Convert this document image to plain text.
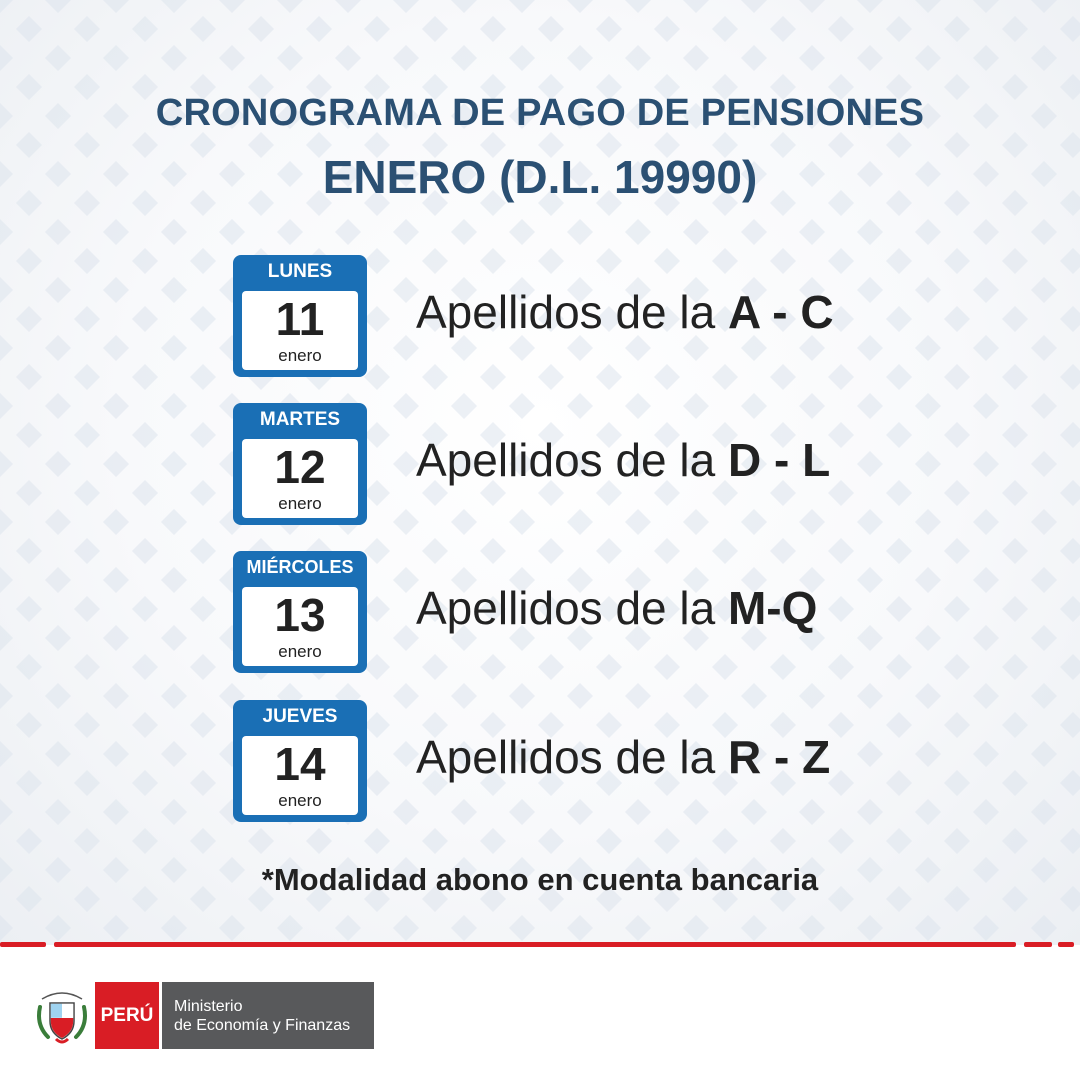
CRONOGRAMA DE PAGO DE PENSIONES
ENERO (D.L. 19990)
LUNES
11
enero
Apellidos de la A - C
MARTES
12
enero
Apellidos de la D - L
MIÉRCOLES
13
enero
Apellidos de la M-Q
JUEVES
14
enero
Apellidos de la R - Z
*Modalidad abono en cuenta bancaria
PERÚ	Ministerio
de Economía y Finanzas
